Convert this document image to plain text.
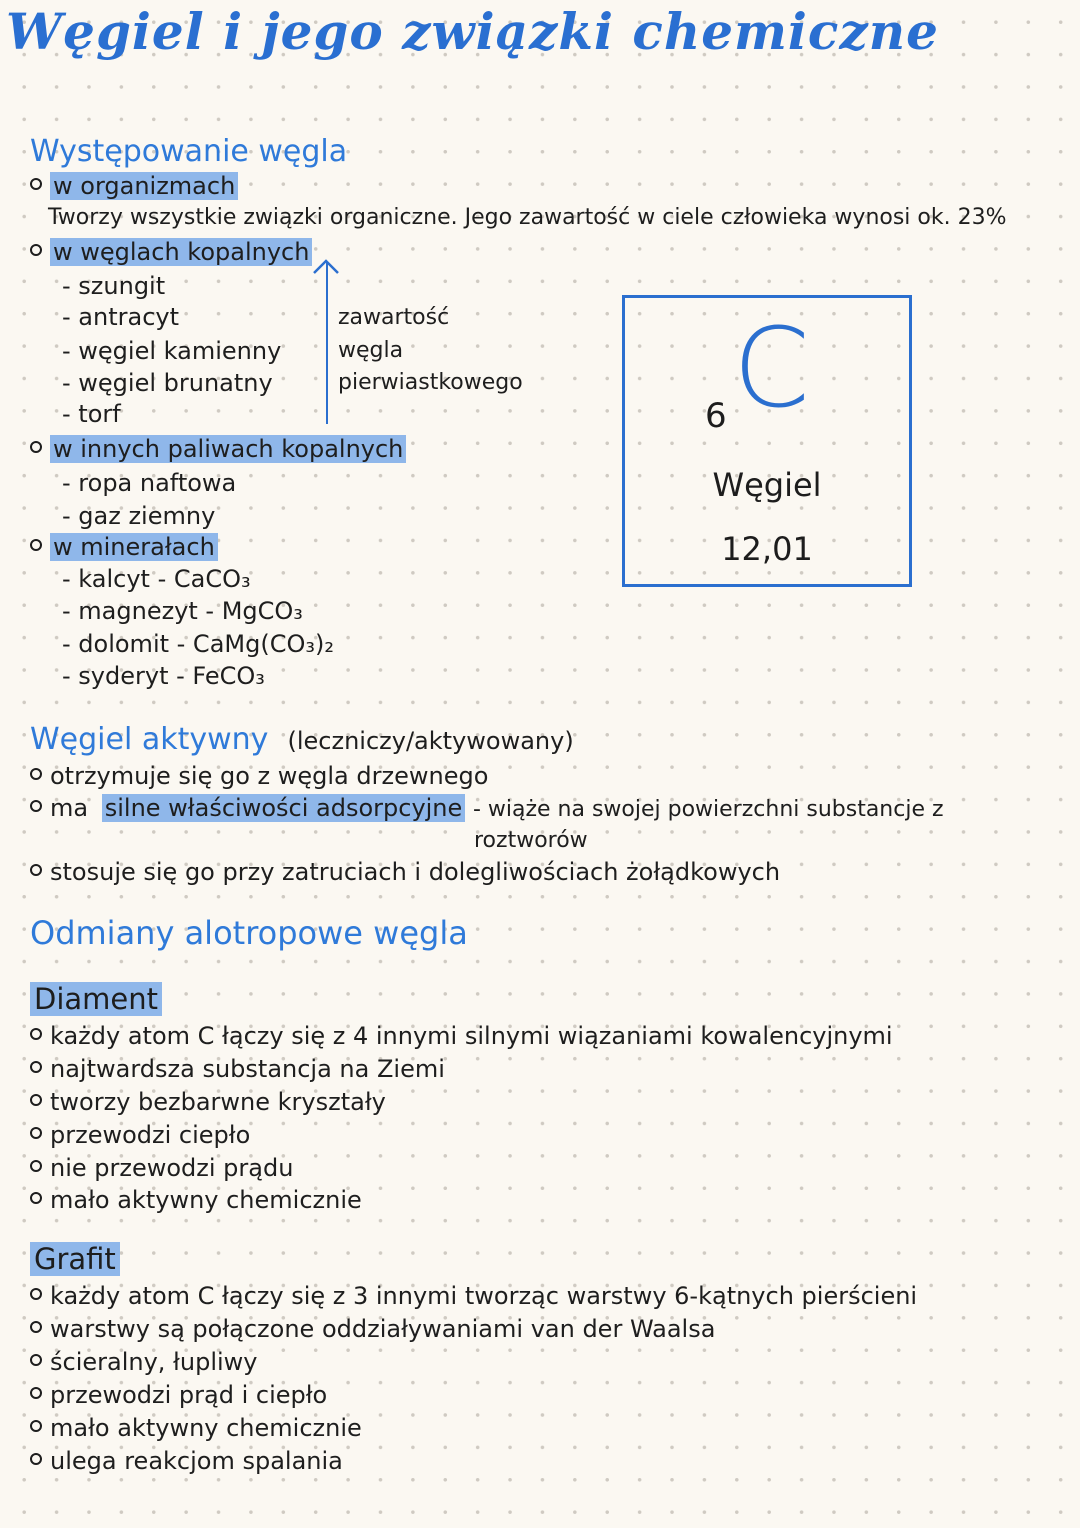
Węgiel i jego związki chemiczne
Występowanie węgla
w organizmach
Tworzy wszystkie związki organiczne. Jego zawartość w ciele człowieka wynosi ok. 23%
w węglach kopalnych
- szungit
- antracyt
- węgiel kamienny
- węgiel brunatny
- torf
zawartość
węgla
pierwiastkowego
w innych paliwach kopalnych
- ropa naftowa
- gaz ziemny
w minerałach
- kalcyt - CaCO₃
- magnezyt - MgCO₃
- dolomit - CaMg(CO₃)₂
- syderyt - FeCO₃
6 C
Węgiel
12,01
Węgiel aktywny (leczniczy/aktywowany)
otrzymuje się go z węgla drzewnego
ma silne właściwości adsorpcyjne - wiąże na swojej powierzchni substancje z
roztworów
stosuje się go przy zatruciach i dolegliwościach żołądkowych
Odmiany alotropowe węgla
Diament
każdy atom C łączy się z 4 innymi silnymi wiązaniami kowalencyjnymi
najtwardsza substancja na Ziemi
tworzy bezbarwne kryształy
przewodzi ciepło
nie przewodzi prądu
mało aktywny chemicznie
Grafit
każdy atom C łączy się z 3 innymi tworząc warstwy 6-kątnych pierścieni
warstwy są połączone oddziaływaniami van der Waalsa
ścieralny, łupliwy
przewodzi prąd i ciepło
mało aktywny chemicznie
ulega reakcjom spalania
